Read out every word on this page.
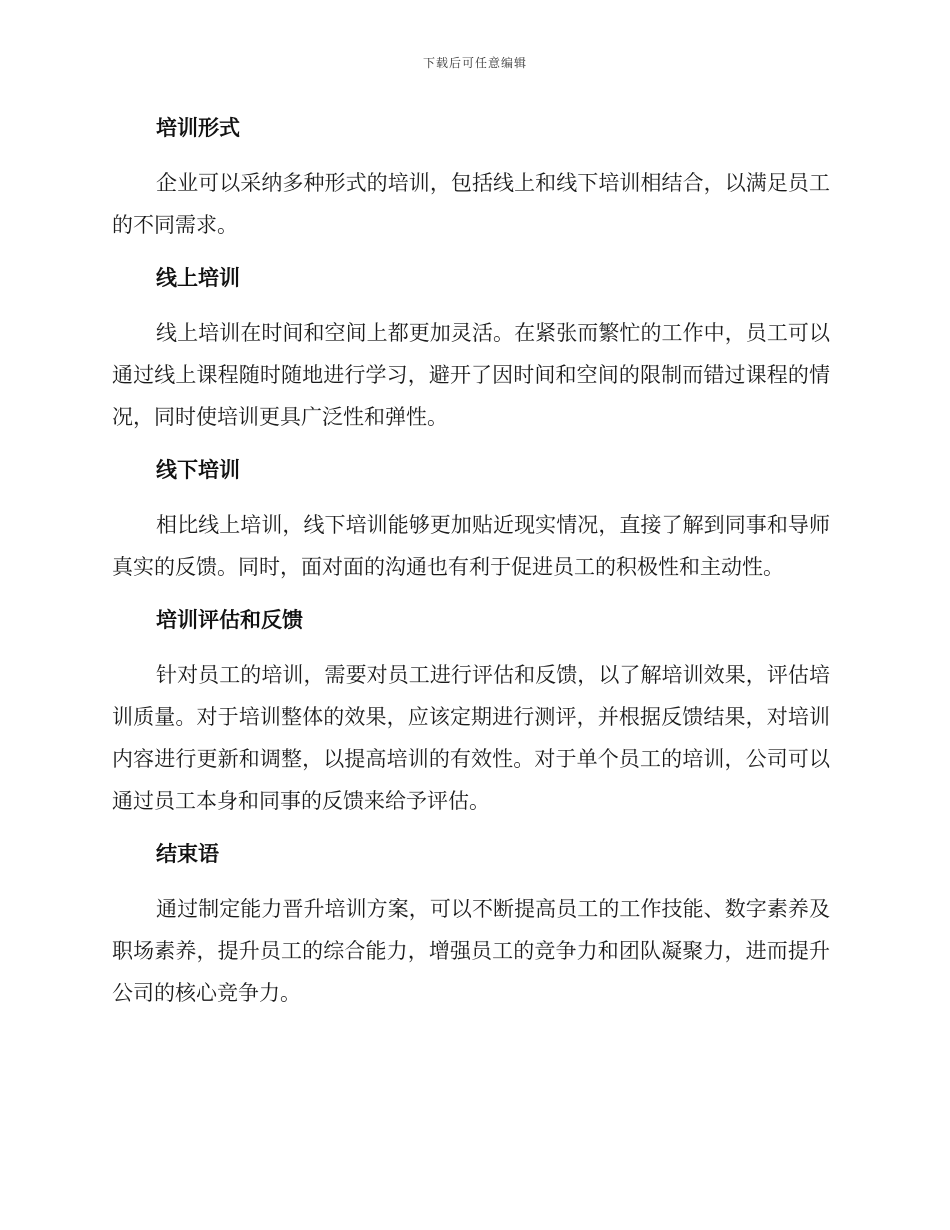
下载后可任意编辑
培训形式

企业可以采纳多种形式的培训，包括线上和线下培训相结合，以满足员工的不同需求。

线上培训

线上培训在时间和空间上都更加灵活。在紧张而繁忙的工作中，员工可以通过线上课程随时随地进行学习，避开了因时间和空间的限制而错过课程的情况，同时使培训更具广泛性和弹性。

线下培训

相比线上培训，线下培训能够更加贴近现实情况，直接了解到同事和导师真实的反馈。同时，面对面的沟通也有利于促进员工的积极性和主动性。

培训评估和反馈

针对员工的培训，需要对员工进行评估和反馈，以了解培训效果，评估培训质量。对于培训整体的效果，应该定期进行测评，并根据反馈结果，对培训内容进行更新和调整，以提高培训的有效性。对于单个员工的培训，公司可以通过员工本身和同事的反馈来给予评估。

结束语

通过制定能力晋升培训方案，可以不断提高员工的工作技能、数字素养及职场素养，提升员工的综合能力，增强员工的竞争力和团队凝聚力，进而提升公司的核心竞争力。
